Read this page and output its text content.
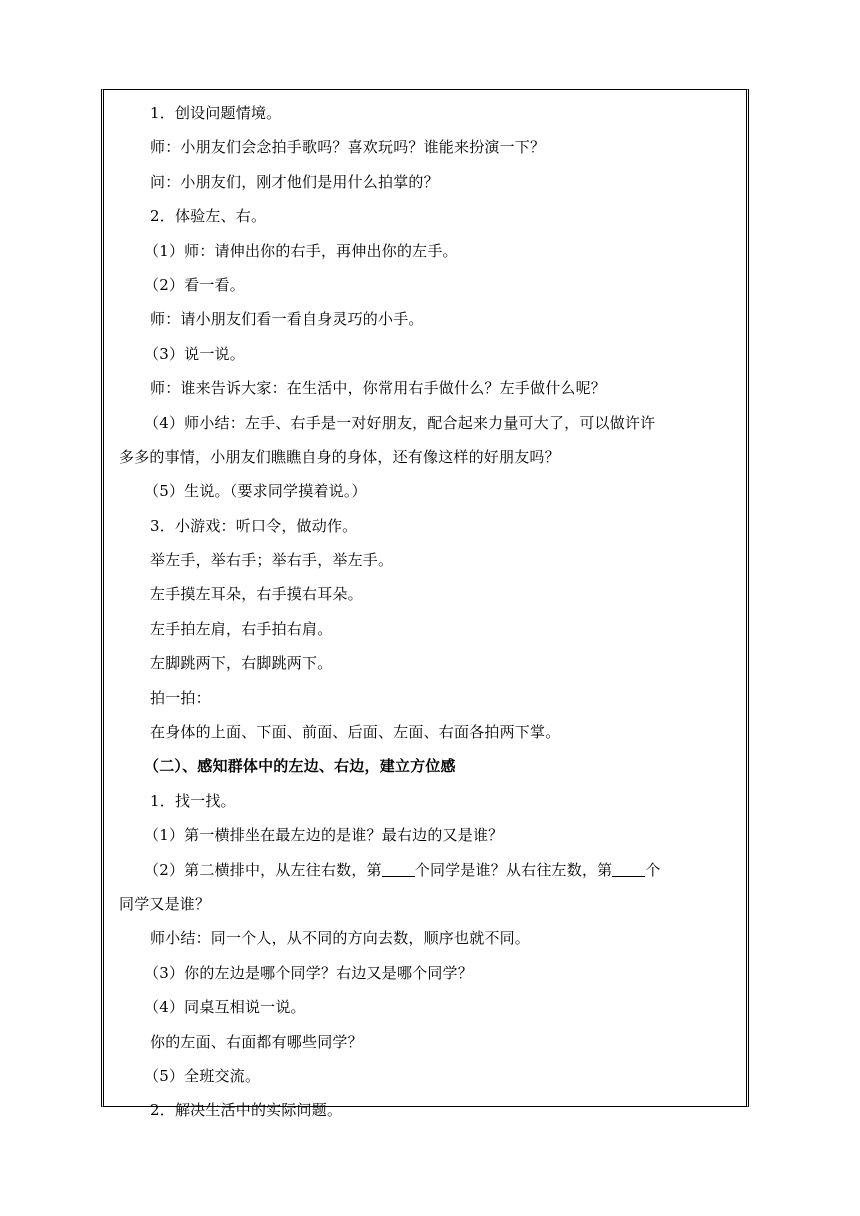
1．创设问题情境。
师：小朋友们会念拍手歌吗？喜欢玩吗？谁能来扮演一下？
问：小朋友们，刚才他们是用什么拍掌的？
2．体验左、右。
（1）师：请伸出你的右手，再伸出你的左手。
（2）看一看。
师：请小朋友们看一看自身灵巧的小手。
（3）说一说。
师：谁来告诉大家：在生活中，你常用右手做什么？左手做什么呢？
（4）师小结：左手、右手是一对好朋友，配合起来力量可大了，可以做许许
多多的事情，小朋友们瞧瞧自身的身体，还有像这样的好朋友吗？
（5）生说。（要求同学摸着说。）
3．小游戏：听口令，做动作。
举左手，举右手；举右手，举左手。
左手摸左耳朵，右手摸右耳朵。
左手拍左肩，右手拍右肩。
左脚跳两下，右脚跳两下。
拍一拍：
在身体的上面、下面、前面、后面、左面、右面各拍两下掌。
（二）、感知群体中的左边、右边，建立方位感
1．找一找。
（1）第一横排坐在最左边的是谁？最右边的又是谁？
（2）第二横排中，从左往右数，第 个同学是谁？从右往左数，第 个
同学又是谁？
师小结：同一个人，从不同的方向去数，顺序也就不同。
（3）你的左边是哪个同学？右边又是哪个同学？
（4）同桌互相说一说。
你的左面、右面都有哪些同学？
（5）全班交流。
2．解决生活中的实际问题。
